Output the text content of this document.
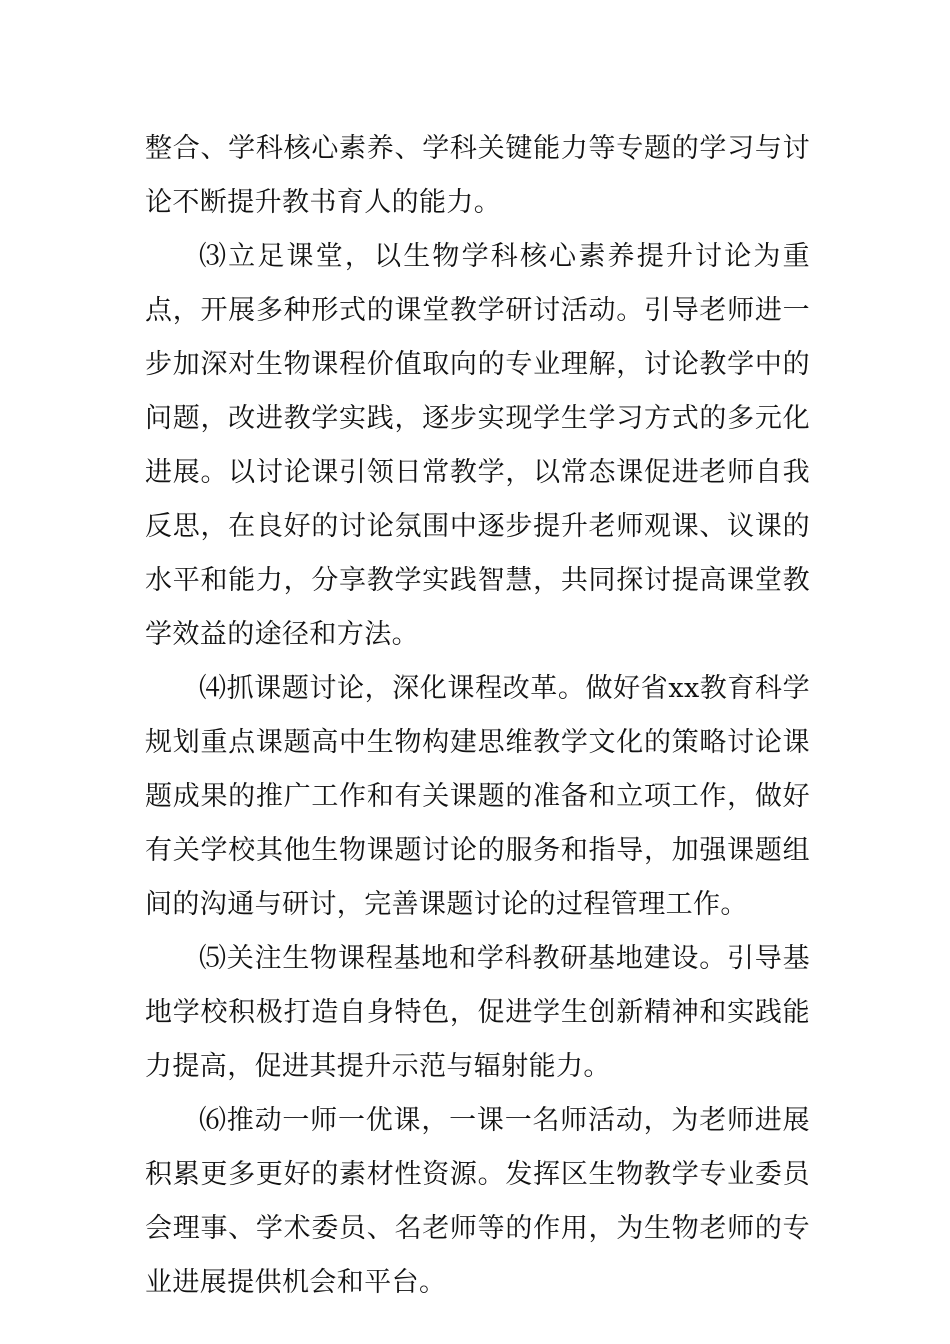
整合、学科核心素养、学科关键能力等专题的学习与讨论不断提升教书育人的能力。

⑶立足课堂，以生物学科核心素养提升讨论为重点，开展多种形式的课堂教学研讨活动。引导老师进一步加深对生物课程价值取向的专业理解，讨论教学中的问题，改进教学实践，逐步实现学生学习方式的多元化进展。以讨论课引领日常教学，以常态课促进老师自我反思，在良好的讨论氛围中逐步提升老师观课、议课的水平和能力，分享教学实践智慧，共同探讨提高课堂教学效益的途径和方法。

⑷抓课题讨论，深化课程改革。做好省xx教育科学规划重点课题高中生物构建思维教学文化的策略讨论课题成果的推广工作和有关课题的准备和立项工作，做好有关学校其他生物课题讨论的服务和指导，加强课题组间的沟通与研讨，完善课题讨论的过程管理工作。

⑸关注生物课程基地和学科教研基地建设。引导基地学校积极打造自身特色，促进学生创新精神和实践能力提高，促进其提升示范与辐射能力。

⑹推动一师一优课，一课一名师活动，为老师进展积累更多更好的素材性资源。发挥区生物教学专业委员会理事、学术委员、名老师等的作用，为生物老师的专业进展提供机会和平台。
